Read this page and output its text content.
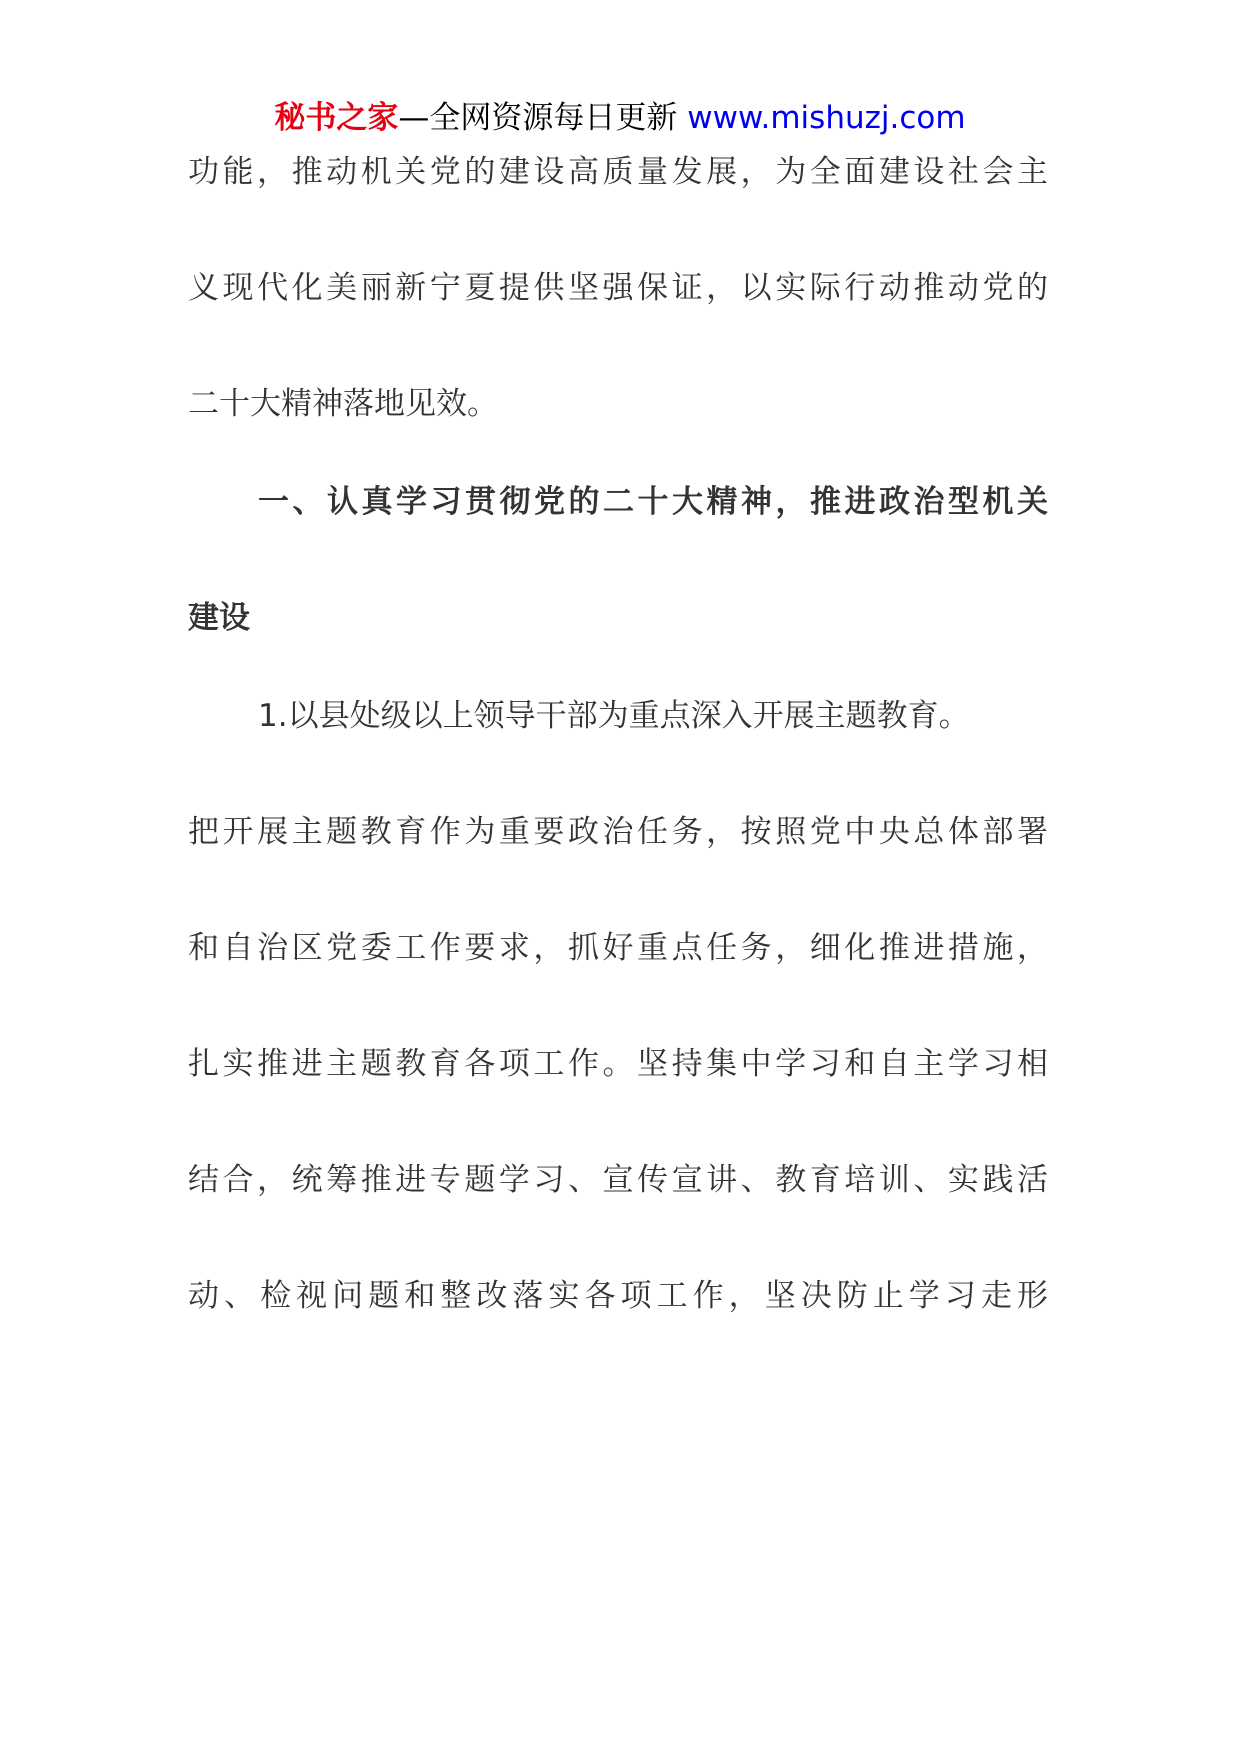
秘书之家—全网资源每日更新 www.mishuzj.com
功能，推动机关党的建设高质量发展，为全面建设社会主
义现代化美丽新宁夏提供坚强保证，以实际行动推动党的
二十大精神落地见效。
一、认真学习贯彻党的二十大精神，推进政治型机关
建设
1.以县处级以上领导干部为重点深入开展主题教育。
把开展主题教育作为重要政治任务，按照党中央总体部署
和自治区党委工作要求，抓好重点任务，细化推进措施，
扎实推进主题教育各项工作。坚持集中学习和自主学习相
结合，统筹推进专题学习、宣传宣讲、教育培训、实践活
动、检视问题和整改落实各项工作，坚决防止学习走形
